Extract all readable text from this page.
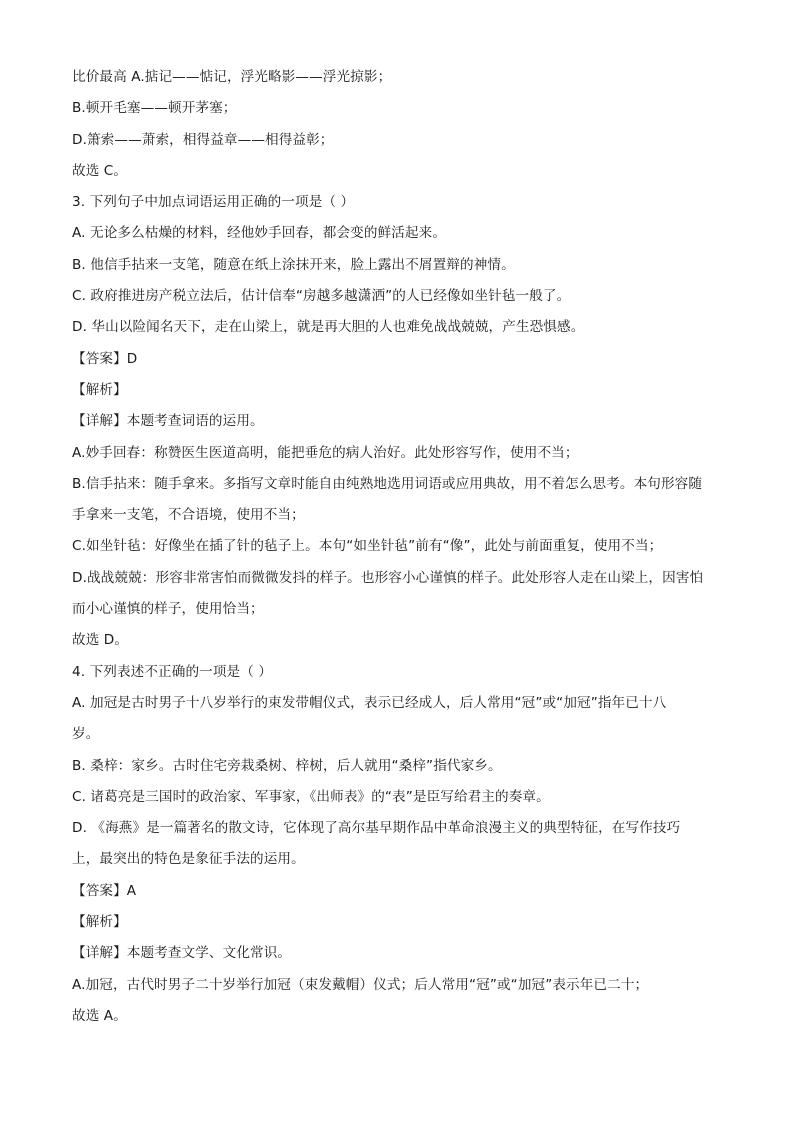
比价最高 A.掂记——惦记，浮光略影——浮光掠影；
B.顿开毛塞——顿开茅塞；
D.箫索——萧索，相得益章——相得益彰；
故选 C。
3. 下列句子中加点词语运用正确的一项是（ ）
A. 无论多么枯燥的材料，经他妙手回春，都会变的鲜活起来。
B. 他信手拈来一支笔，随意在纸上涂抹开来，脸上露出不屑置辩的神情。
C. 政府推进房产税立法后，估计信奉“房越多越潇洒”的人已经像如坐针毡一般了。
D. 华山以险闻名天下，走在山梁上，就是再大胆的人也难免战战兢兢，产生恐惧感。
【答案】D
【解析】
【详解】本题考查词语的运用。
A.妙手回春：称赞医生医道高明，能把垂危的病人治好。此处形容写作，使用不当；
B.信手拈来：随手拿来。多指写文章时能自由纯熟地选用词语或应用典故，用不着怎么思考。本句形容随
手拿来一支笔，不合语境，使用不当；
C.如坐针毡：好像坐在插了针的毡子上。本句“如坐针毡”前有“像”，此处与前面重复，使用不当；
D.战战兢兢：形容非常害怕而微微发抖的样子。也形容小心谨慎的样子。此处形容人走在山梁上，因害怕
而小心谨慎的样子，使用恰当；
故选 D。
4. 下列表述不正确的一项是（ ）
A. 加冠是古时男子十八岁举行的束发带帽仪式，表示已经成人，后人常用“冠”或“加冠”指年已十八
岁。
B. 桑梓：家乡。古时住宅旁栽桑树、梓树，后人就用“桑梓”指代家乡。
C. 诸葛亮是三国时的政治家、军事家，《出师表》的“表”是臣写给君主的奏章。
D. 《海燕》是一篇著名的散文诗，它体现了高尔基早期作品中革命浪漫主义的典型特征，在写作技巧
上，最突出的特色是象征手法的运用。
【答案】A
【解析】
【详解】本题考查文学、文化常识。
A.加冠，古代时男子二十岁举行加冠（束发戴帽）仪式；后人常用“冠”或“加冠”表示年已二十；
故选 A。
